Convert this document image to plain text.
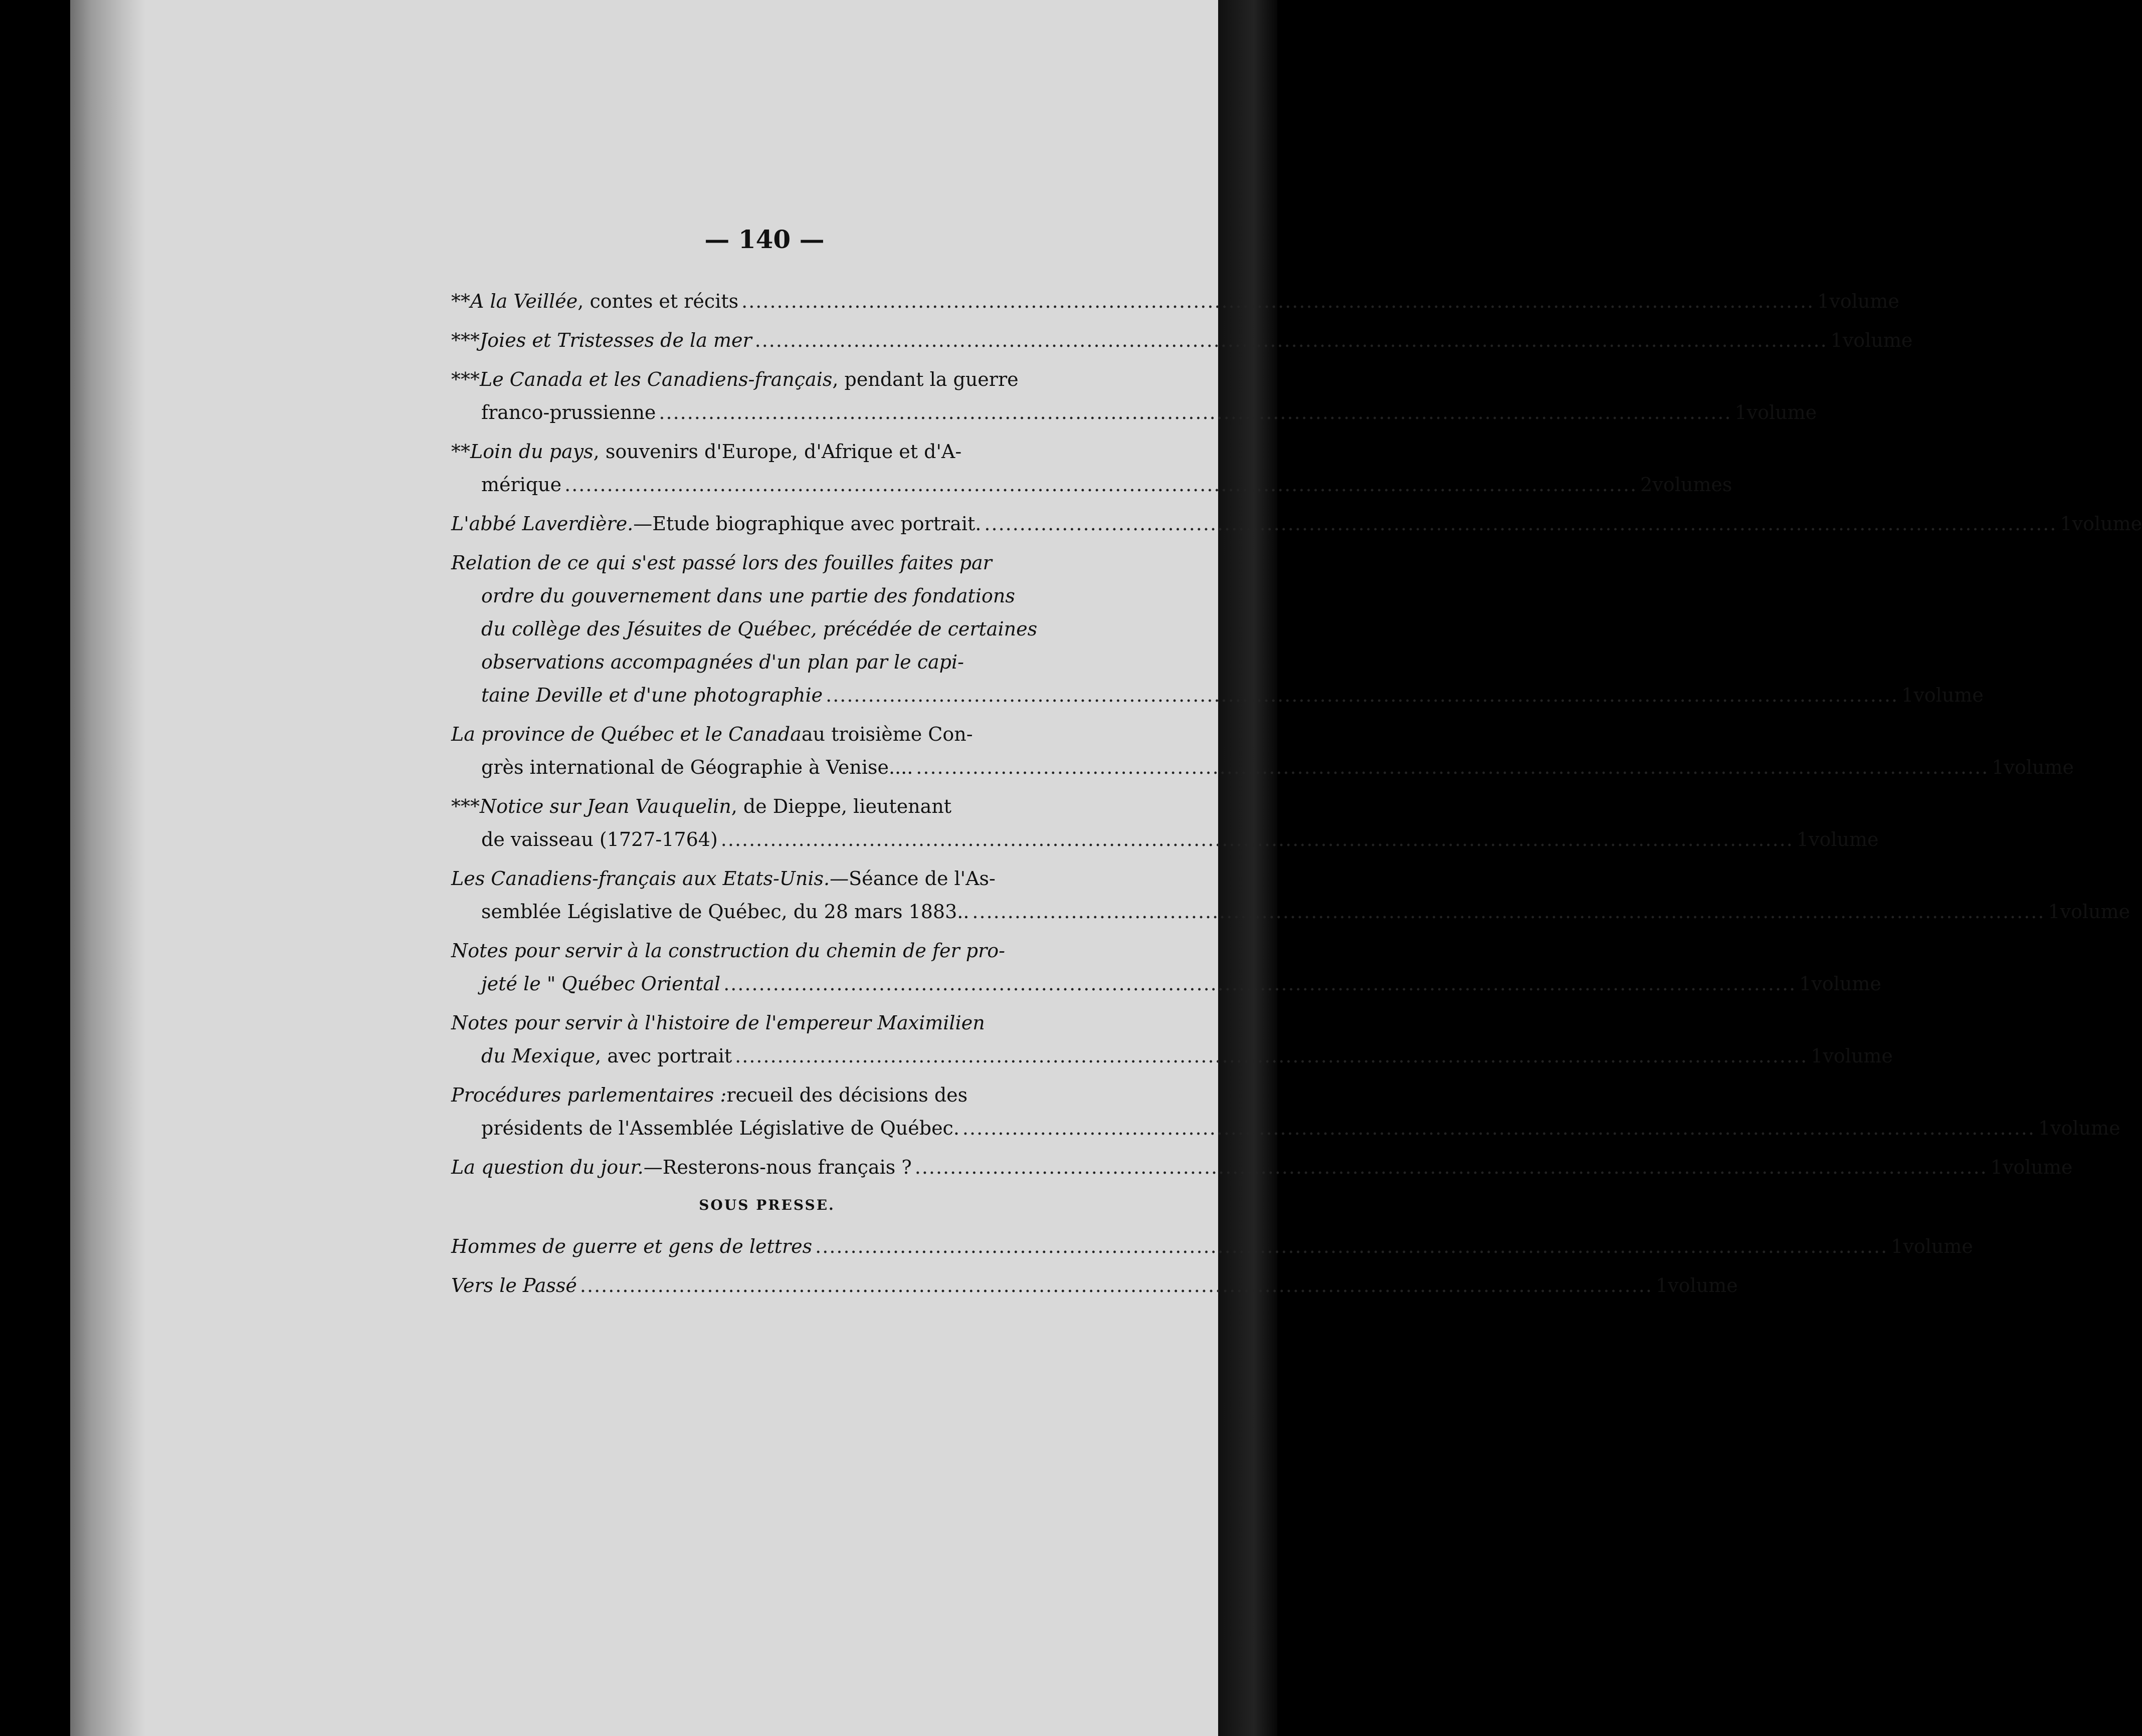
— 140 —
**A la Veillée , contes et récits .....	1 volume
***Joies et Tristesses de la mer .....	1 volume
***Le Canada et les Canadiens-français , pendant la guerre
franco-prussienne .....	1 volume
**Loin du pays , souvenirs d'Europe, d'Afrique et d'A-
mérique .....	2 volumes
L'abbé Laverdière. —Etude biographique avec portrait. .....	1 volume
Relation de ce qui s'est passé lors des fouilles faites par
ordre du gouvernement dans une partie des fondations
du collège des Jésuites de Québec, précédée de certaines
observations accompagnées d'un plan par le capi-
taine Deville et d'une photographie .....	1 volume
La province de Québec et le Canada au troisième Con-
grès international de Géographie à Venise.... .....	1 volume
***Notice sur Jean Vauquelin , de Dieppe, lieutenant
de vaisseau (1727-1764) .....	1 volume
Les Canadiens-français aux Etats-Unis. —Séance de l'As-
semblée Législative de Québec, du 28 mars 1883.. .....	1 volume
Notes pour servir à la construction du chemin de fer pro-
jeté le " Québec Oriental .....	1 volume
Notes pour servir à l'histoire de l'empereur Maximilien
du Mexique , avec portrait .....	1 volume
Procédures parlementaires : recueil des décisions des
présidents de l'Assemblée Législative de Québec. .....	1 volume
La question du jour. —Resterons-nous français ? .....	1 volume
SOUS PRESSE.
Hommes de guerre et gens de lettres .....	1 volume
Vers le Passé .....	1 volume
